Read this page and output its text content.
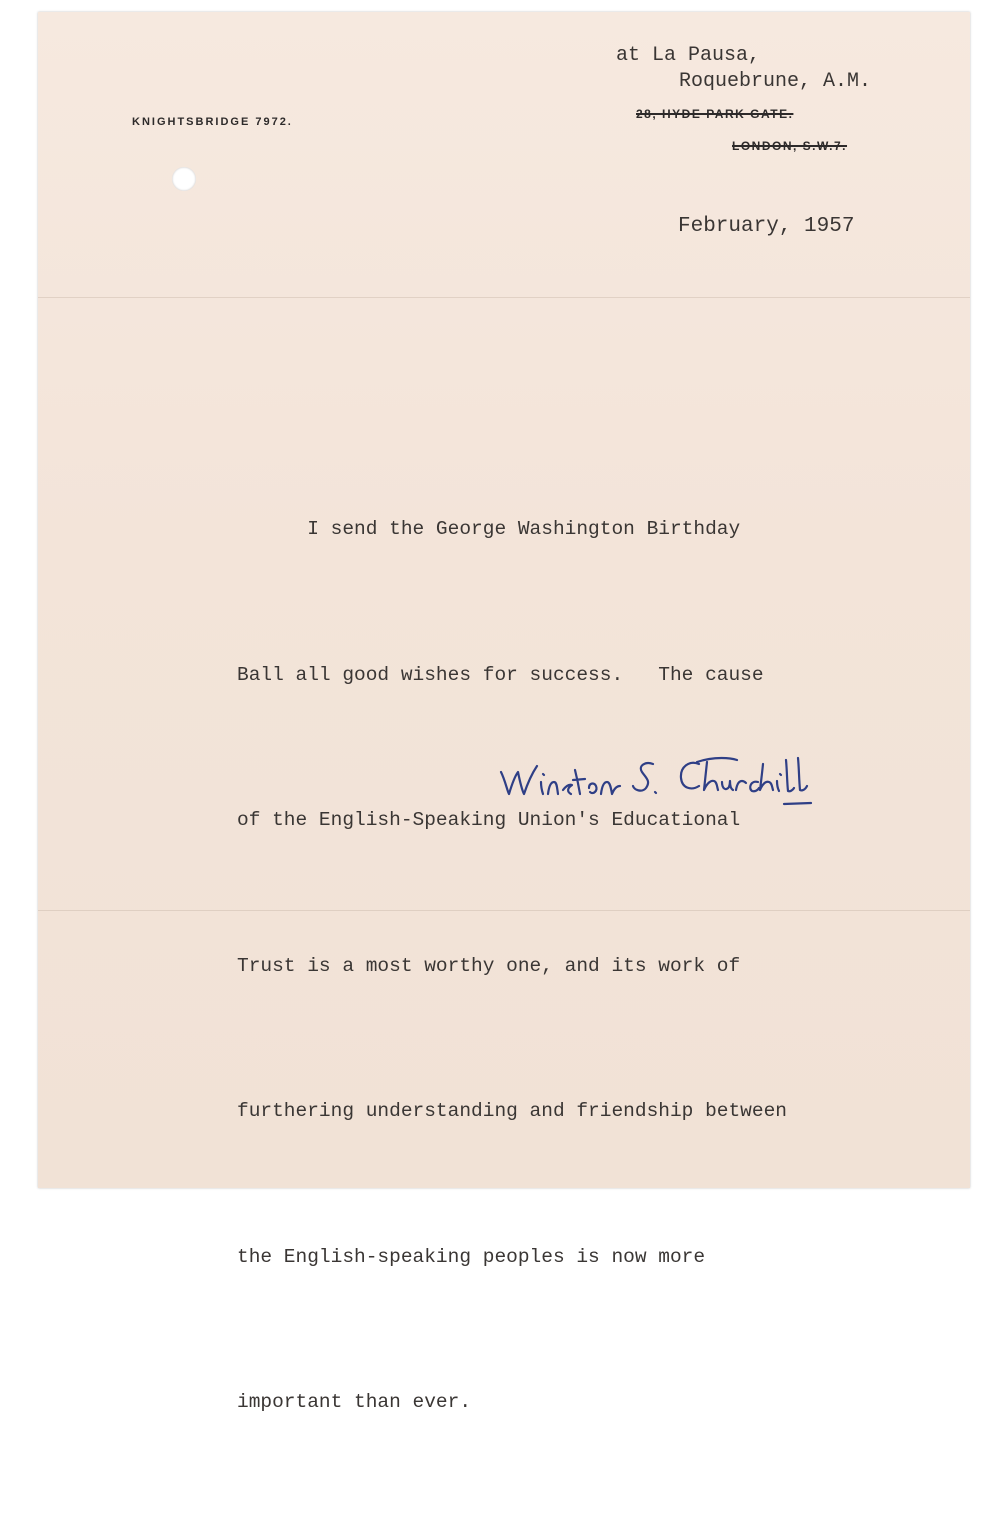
KNIGHTSBRIDGE 7972.
at La Pausa,
Roquebrune, A.M.
28, HYDE PARK GATE.
LONDON, S.W.7.
February, 1957

I send the George Washington Birthday

Ball all good wishes for success.   The cause

of the English-Speaking Union's Educational

Trust is a most worthy one, and its work of

furthering understanding and friendship between

the English-speaking peoples is now more

important than ever.
